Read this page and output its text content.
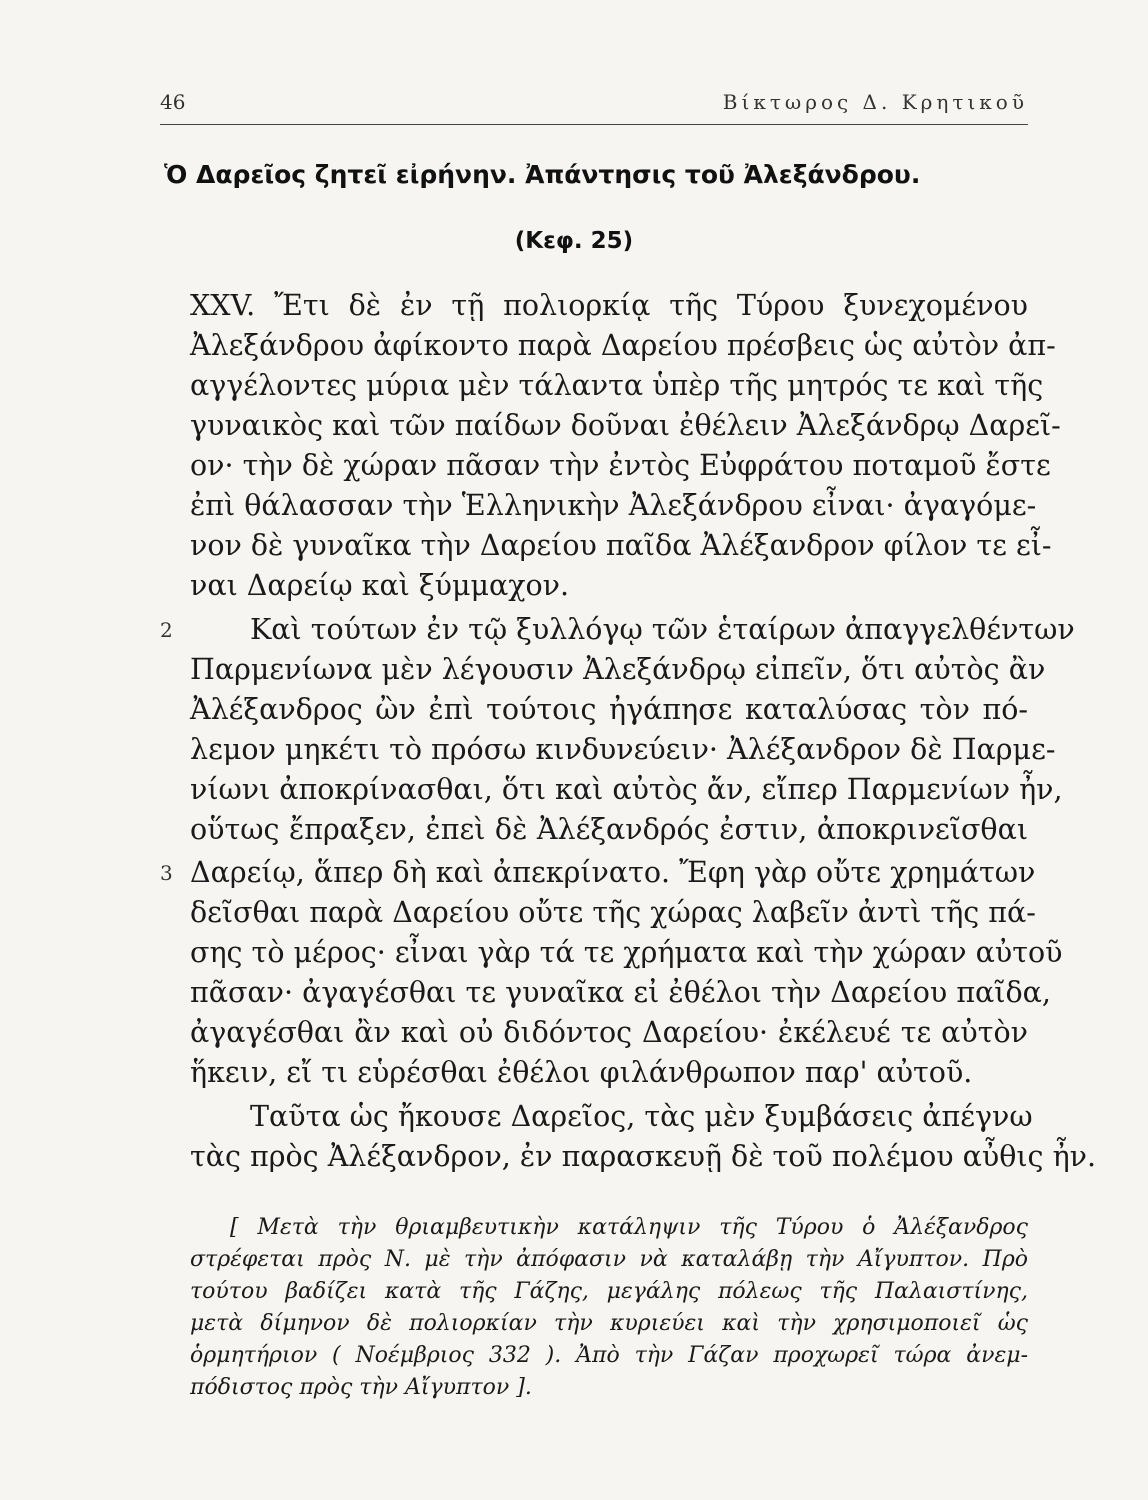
46	Βίκτωρος Δ. Κρητικοῦ
Ὁ Δαρεῖος ζητεῖ εἰρήνην. Ἀπάντησις τοῦ Ἀλεξάνδρου.
(Κεφ. 25)
XXV. Ἔτι δὲ ἐν τῇ πολιορκίᾳ τῆς Τύρου ξυνεχομένου
Ἀλεξάνδρου ἀφίκοντο παρὰ Δαρείου πρέσβεις ὡς αὐτὸν ἀπ-
αγγέλοντες μύρια μὲν τάλαντα ὑπὲρ τῆς μητρός τε καὶ τῆς
γυναικὸς καὶ τῶν παίδων δοῦναι ἐθέλειν Ἀλεξάνδρῳ Δαρεῖ-
ον· τὴν δὲ χώραν πᾶσαν τὴν ἐντὸς Εὐφράτου ποταμοῦ ἔστε
ἐπὶ θάλασσαν τὴν Ἑλληνικὴν Ἀλεξάνδρου εἶναι· ἀγαγόμε-
νον δὲ γυναῖκα τὴν Δαρείου παῖδα Ἀλέξανδρον φίλον τε εἶ-
ναι Δαρείῳ καὶ ξύμμαχον.
2	Καὶ τούτων ἐν τῷ ξυλλόγῳ τῶν ἑταίρων ἀπαγγελθέντων
Παρμενίωνα μὲν λέγουσιν Ἀλεξάνδρῳ εἰπεῖν, ὅτι αὐτὸς ἂν
Ἀλέξανδρος ὢν ἐπὶ τούτοις ἠγάπησε καταλύσας τὸν πό-
λεμον μηκέτι τὸ πρόσω κινδυνεύειν· Ἀλέξανδρον δὲ Παρμε-
νίωνι ἀποκρίνασθαι, ὅτι καὶ αὐτὸς ἄν, εἴπερ Παρμενίων ἦν,
οὕτως ἔπραξεν, ἐπεὶ δὲ Ἀλέξανδρός ἐστιν, ἀποκρινεῖσθαι
3 Δαρείῳ, ἅπερ δὴ καὶ ἀπεκρίνατο. Ἔφη γὰρ οὔτε χρημάτων
δεῖσθαι παρὰ Δαρείου οὔτε τῆς χώρας λαβεῖν ἀντὶ τῆς πά-
σης τὸ μέρος· εἶναι γὰρ τά τε χρήματα καὶ τὴν χώραν αὐτοῦ
πᾶσαν· ἀγαγέσθαι τε γυναῖκα εἰ ἐθέλοι τὴν Δαρείου παῖδα,
ἀγαγέσθαι ἂν καὶ οὐ διδόντος Δαρείου· ἐκέλευέ τε αὐτὸν
ἥκειν, εἴ τι εὑρέσθαι ἐθέλοι φιλάνθρωπον παρ' αὐτοῦ.
Ταῦτα ὡς ἤκουσε Δαρεῖος, τὰς μὲν ξυμβάσεις ἀπέγνω
τὰς πρὸς Ἀλέξανδρον, ἐν παρασκευῇ δὲ τοῦ πολέμου αὖθις ἦν.
[ Μετὰ τὴν θριαμβευτικὴν κατάληψιν τῆς Τύρου ὁ Ἀλέξανδρος
στρέφεται πρὸς Ν. μὲ τὴν ἀπόφασιν νὰ καταλάβῃ τὴν Αἴγυπτον. Πρὸ
τούτου βαδίζει κατὰ τῆς Γάζης, μεγάλης πόλεως τῆς Παλαιστίνης,
μετὰ δίμηνον δὲ πολιορκίαν τὴν κυριεύει καὶ τὴν χρησιμοποιεῖ ὡς
ὁρμητήριον ( Νοέμβριος 332 ). Ἀπὸ τὴν Γάζαν προχωρεῖ τώρα ἀνεμ-
πόδιστος πρὸς τὴν Αἴγυπτον ].
